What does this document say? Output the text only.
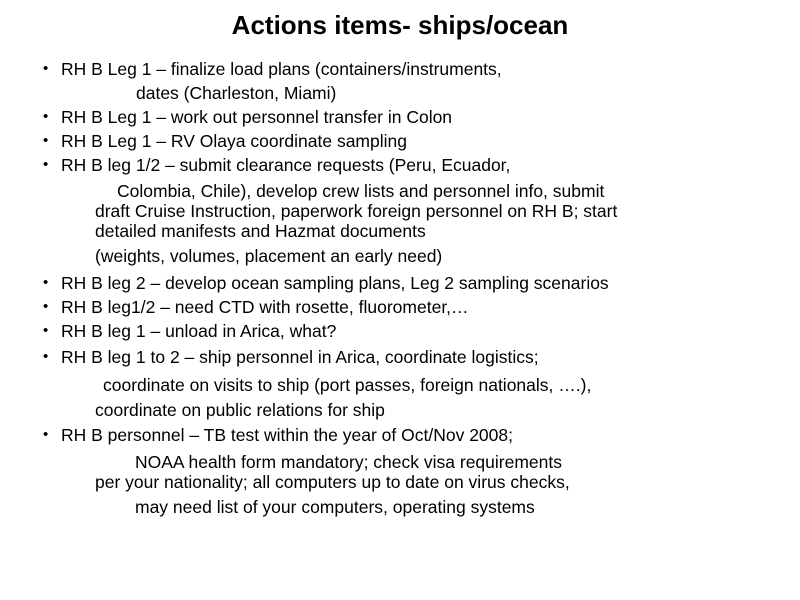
Actions items- ships/ocean
• RH B Leg 1 – finalize load plans (containers/instruments,

dates (Charleston, Miami)

• RH B Leg 1 – work out personnel transfer in Colon

• RH B Leg 1 – RV Olaya coordinate sampling

• RH B leg 1/2 – submit clearance requests (Peru, Ecuador,

Colombia, Chile), develop crew lists and personnel info, submit

draft Cruise Instruction, paperwork foreign personnel on RH B; start

detailed manifests and Hazmat documents

(weights, volumes, placement an early need)

• RH B leg 2 – develop ocean sampling plans, Leg 2 sampling scenarios

• RH B leg1/2 – need CTD with rosette, fluorometer,…

• RH B leg 1 – unload in Arica, what?

• RH B leg 1 to 2 – ship personnel in Arica, coordinate logistics;

coordinate on visits to ship (port passes, foreign nationals, ….),

coordinate on public relations for ship

• RH B personnel – TB test within the year of Oct/Nov 2008;

NOAA health form mandatory; check visa requirements

per your nationality; all computers up to date on virus checks,

may need list of your computers, operating systems
